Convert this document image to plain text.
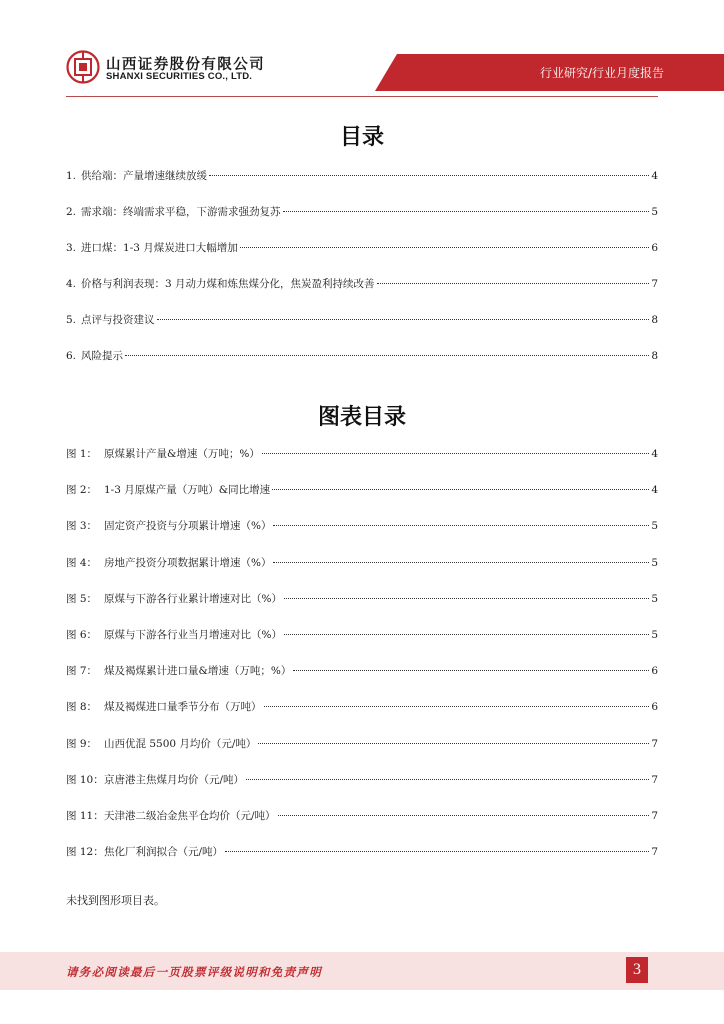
山西证券股份有限公司
SHANXI SECURITIES CO., LTD.	行业研究/行业月度报告
目录
1. 供给端：产量增速继续放缓	4
2. 需求端：终端需求平稳，下游需求强劲复苏	5
3. 进口煤：1-3 月煤炭进口大幅增加	6
4. 价格与利润表现：3 月动力煤和炼焦煤分化，焦炭盈利持续改善	7
5. 点评与投资建议	8
6. 风险提示	8
图表目录
图 1： 原煤累计产量&增速（万吨；%）	4
图 2： 1-3 月原煤产量（万吨）&同比增速	4
图 3： 固定资产投资与分项累计增速（%）	5
图 4： 房地产投资分项数据累计增速（%）	5
图 5： 原煤与下游各行业累计增速对比（%）	5
图 6： 原煤与下游各行业当月增速对比（%）	5
图 7： 煤及褐煤累计进口量&增速（万吨；%）	6
图 8： 煤及褐煤进口量季节分布（万吨）	6
图 9： 山西优混 5500 月均价（元/吨）	7
图 10： 京唐港主焦煤月均价（元/吨）	7
图 11： 天津港二级冶金焦平仓均价（元/吨）	7
图 12： 焦化厂利润拟合（元/吨）	7
未找到图形项目表。
请务必阅读最后一页股票评级说明和免责声明	3
